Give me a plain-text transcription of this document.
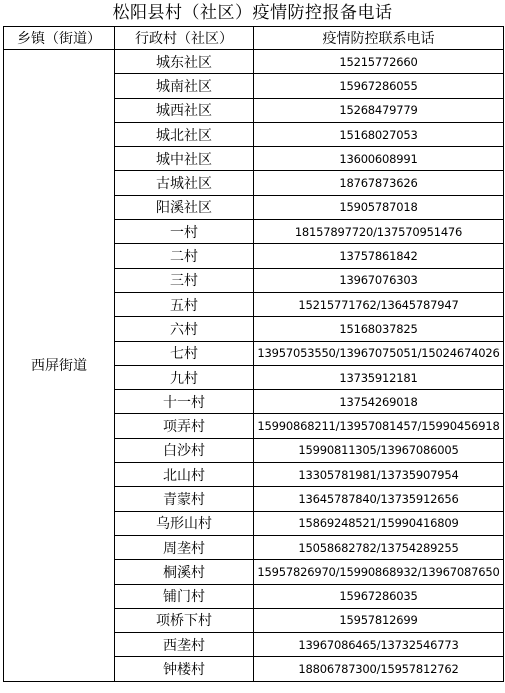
松阳县村（社区）疫情防控报备电话
乡镇（街道）	行政村（社区）	疫情防控联系电话
西屏街道	城东社区	15215772660
	城南社区	15967286055
	城西社区	15268479779
	城北社区	15168027053
	城中社区	13600608991
	古城社区	18767873626
	阳溪社区	15905787018
	一村	18157897720/13757095147​6
	二村	13757861842
	三村	13967076303
	五村	15215771762/13645787947
	六村	15168037825
	七村	13957053550/13967075051/15024674026
	九村	13735912181
	十一村	13754269018
	项弄村	15990868211/13957081457/15990456918
	白沙村	15990811305/13967086005
	北山村	13305781981/13735907954
	青蒙村	13645787840/13735912656
	乌形山村	15869248521/15990416809
	周垄村	15058682782/13754289255
	桐溪村	15957826970/15990868932/13967087650
	铺门村	15967286035
	项桥下村	15957812699
	西垄村	13967086465/13732546773
	钟楼村	18806787300/15957812762
